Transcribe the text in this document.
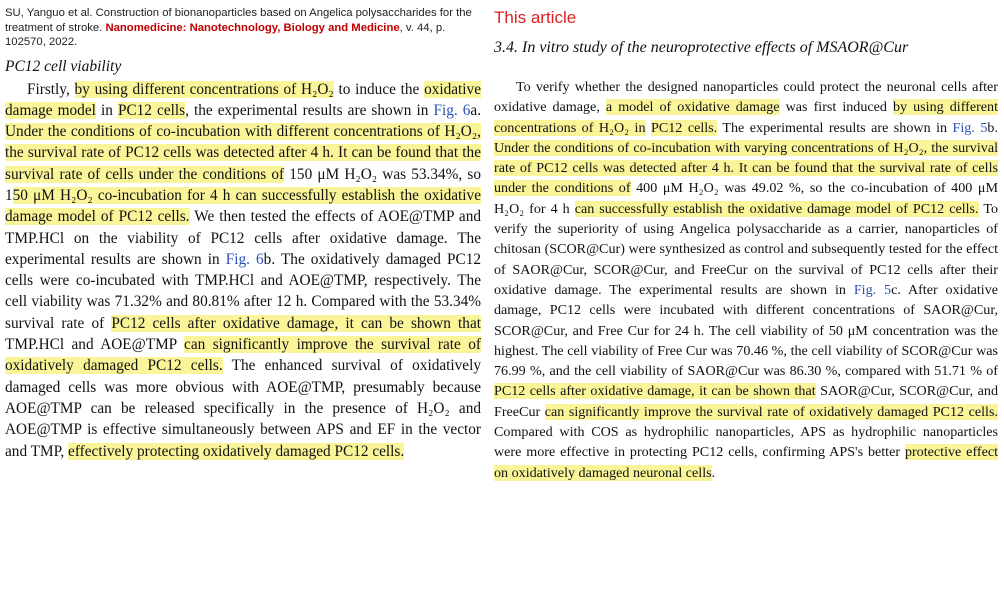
SU, Yanguo et al. Construction of bionanoparticles based on Angelica polysaccharides for the treatment of stroke. Nanomedicine: Nanotechnology, Biology and Medicine, v. 44, p. 102570, 2022.
PC12 cell viability

Firstly, by using different concentrations of H₂O₂ to induce the oxidative damage model in PC12 cells, the experimental results are shown in Fig. 6a. Under the conditions of co-incubation with different concentrations of H₂O₂, the survival rate of PC12 cells was detected after 4 h. It can be found that the survival rate of cells under the conditions of 150 μM H₂O₂ was 53.34%, so 150 μM H₂O₂ co-incubation for 4 h can successfully establish the oxidative damage model of PC12 cells. We then tested the effects of AOE@TMP and TMP.HCl on the viability of PC12 cells after oxidative damage. The experimental results are shown in Fig. 6b. The oxidatively damaged PC12 cells were co-incubated with TMP.HCl and AOE@TMP, respectively. The cell viability was 71.32% and 80.81% after 12 h. Compared with the 53.34% survival rate of PC12 cells after oxidative damage, it can be shown that TMP.HCl and AOE@TMP can significantly improve the survival rate of oxidatively damaged PC12 cells. The enhanced survival of oxidatively damaged cells was more obvious with AOE@TMP, presumably because AOE@TMP can be released specifically in the presence of H₂O₂ and AOE@TMP is effective simultaneously between APS and EF in the vector and TMP, effectively protecting oxidatively damaged PC12 cells.

This article
3.4. In vitro study of the neuroprotective effects of MSAOR@Cur

To verify whether the designed nanoparticles could protect the neuronal cells after oxidative damage, a model of oxidative damage was first induced by using different concentrations of H₂O₂ in PC12 cells. The experimental results are shown in Fig. 5b. Under the conditions of co-incubation with varying concentrations of H₂O₂, the survival rate of PC12 cells was detected after 4 h. It can be found that the survival rate of cells under the conditions of 400 μM H₂O₂ was 49.02 %, so the co-incubation of 400 μM H₂O₂ for 4 h can successfully establish the oxidative damage model of PC12 cells. To verify the superiority of using Angelica polysaccharide as a carrier, nanoparticles of chitosan (SCOR@Cur) were synthesized as control and subsequently tested for the effect of SAOR@Cur, SCOR@Cur, and FreeCur on the survival of PC12 cells after their oxidative damage. The experimental results are shown in Fig. 5c. After oxidative damage, PC12 cells were incubated with different concentrations of SAOR@Cur, SCOR@Cur, and Free Cur for 24 h. The cell viability of 50 μM concentration was the highest. The cell viability of Free Cur was 70.46 %, the cell viability of SCOR@Cur was 76.99 %, and the cell viability of SAOR@Cur was 86.30 %, compared with 51.71 % of PC12 cells after oxidative damage, it can be shown that SAOR@Cur, SCOR@Cur, and FreeCur can significantly improve the survival rate of oxidatively damaged PC12 cells. Compared with COS as hydrophilic nanoparticles, APS as hydrophilic nanoparticles were more effective in protecting PC12 cells, confirming APS's better protective effect on oxidatively damaged neuronal cells.
